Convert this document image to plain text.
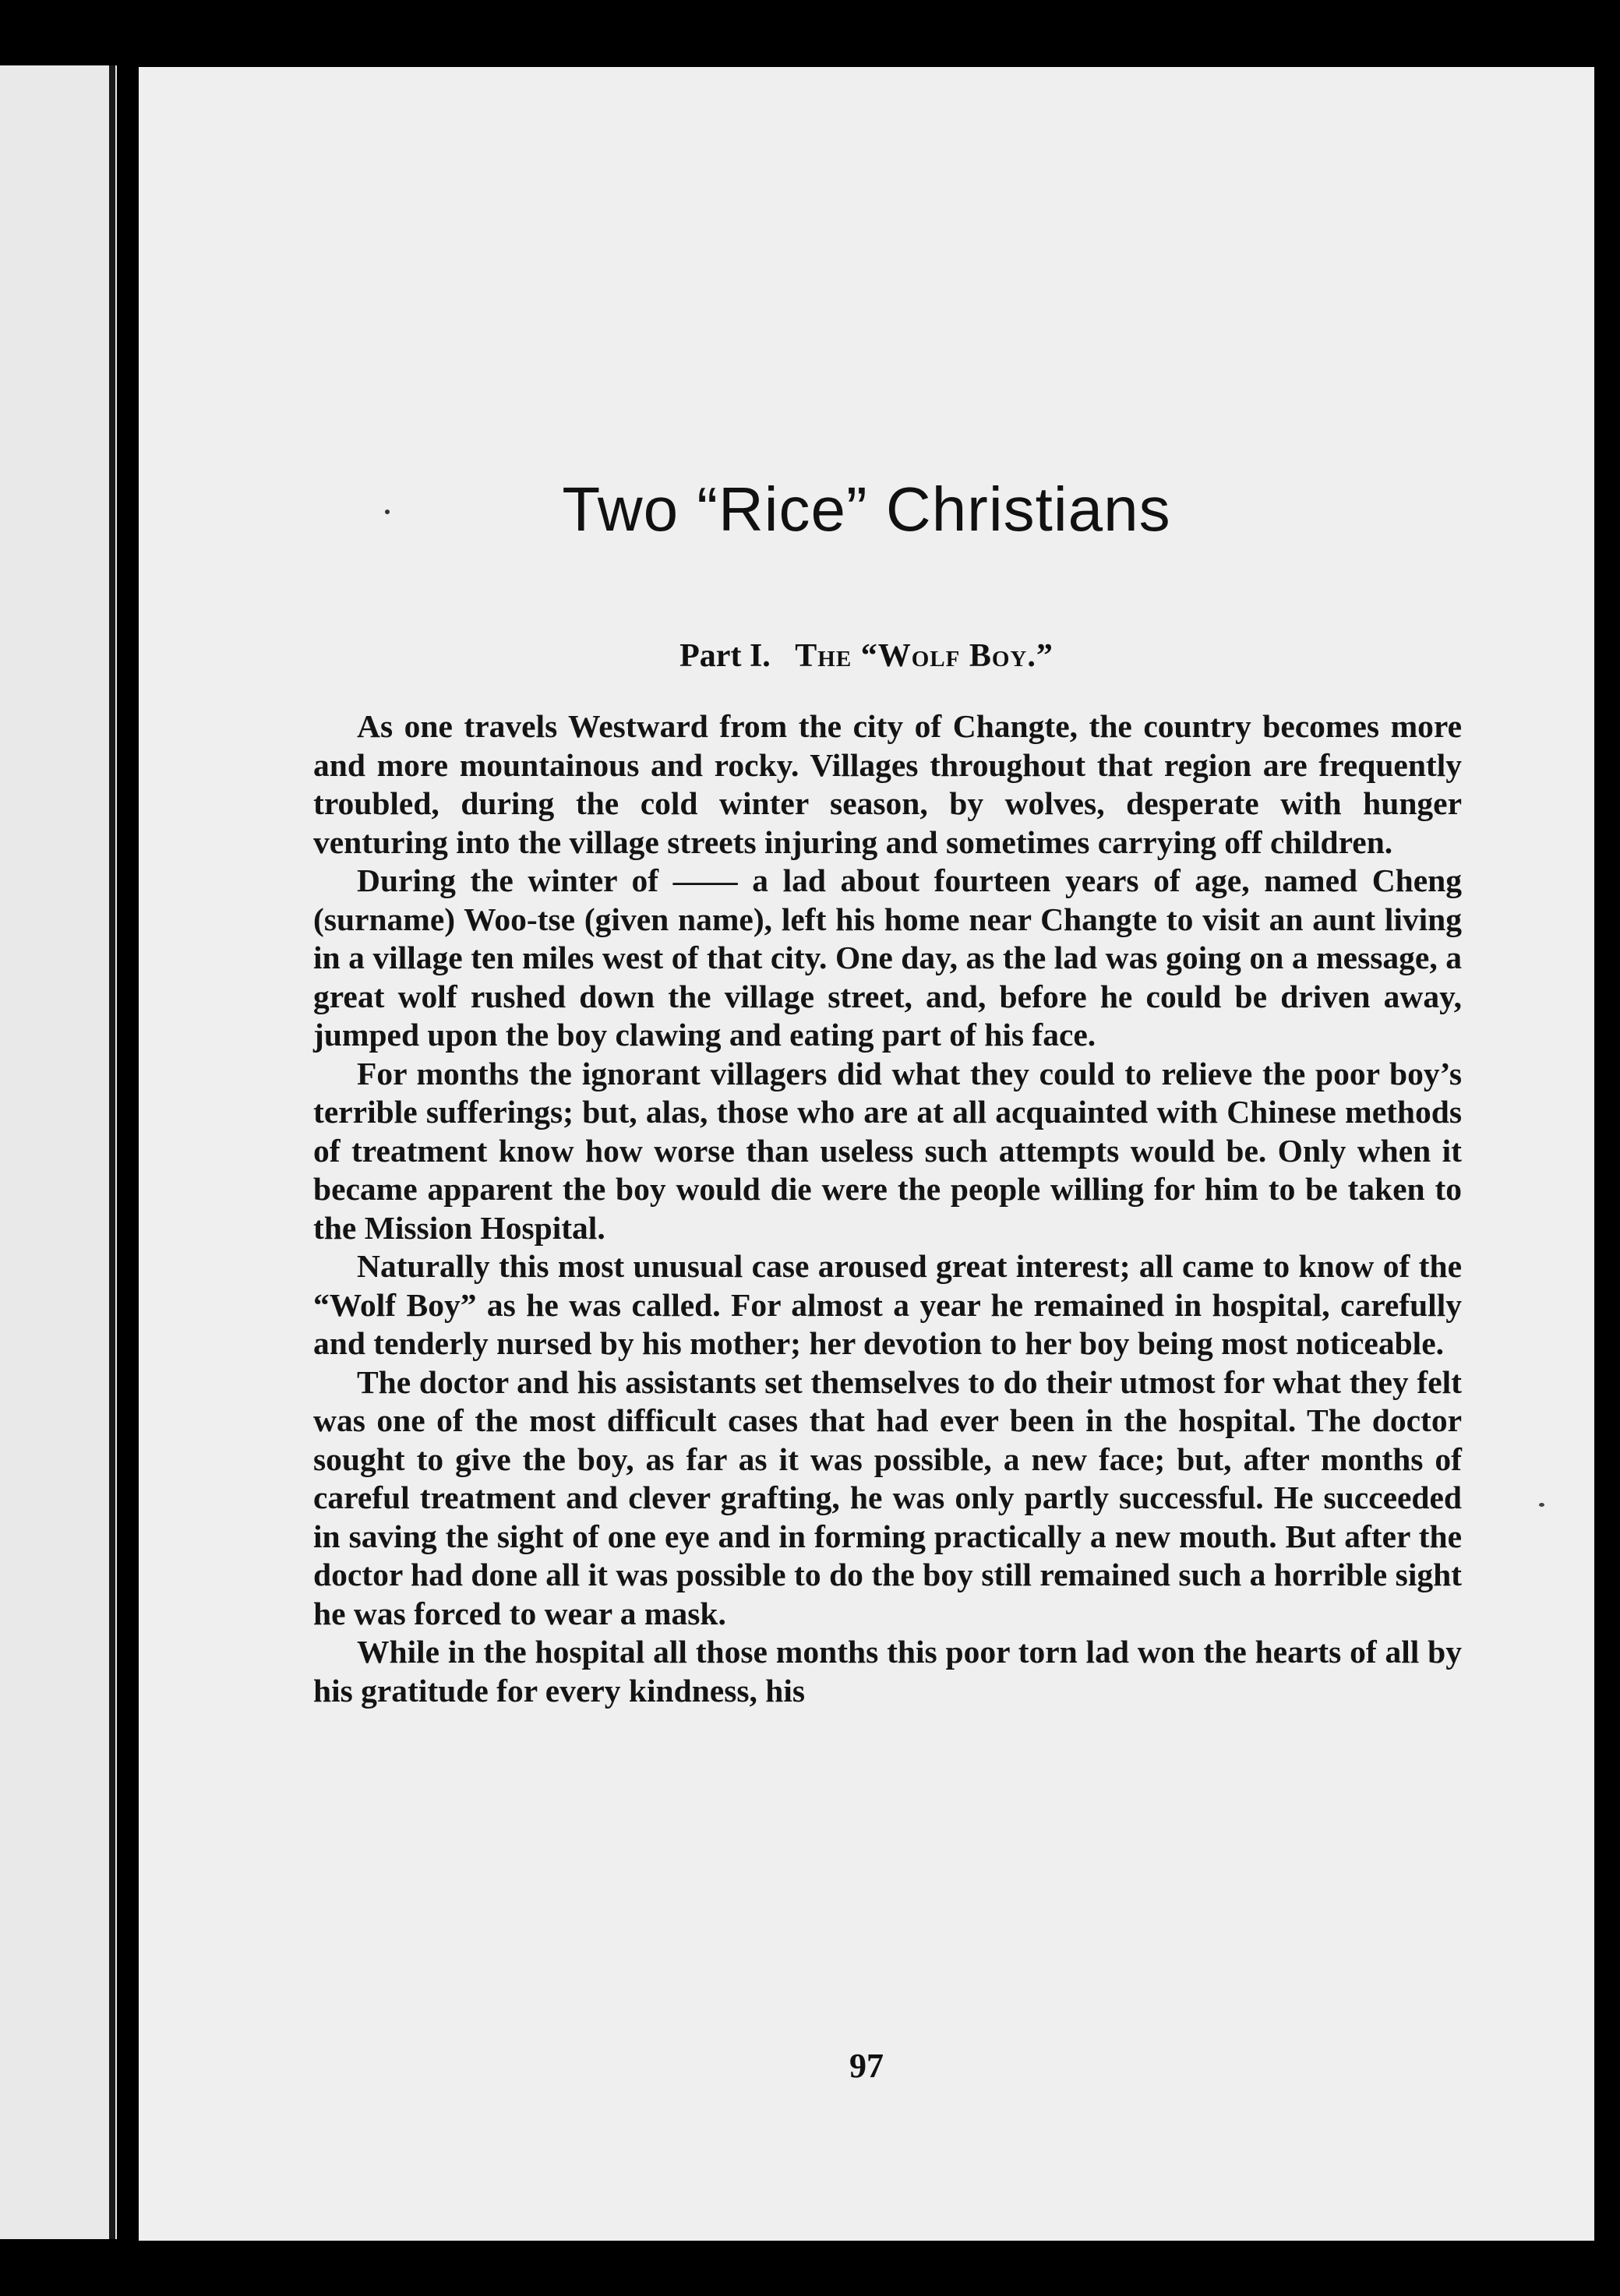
Two “Rice” Christians
Part I. The “Wolf Boy.”

As one travels Westward from the city of Changte, the country becomes more and more mountainous and rocky. Villages throughout that region are frequently troubled, during the cold winter season, by wolves, desperate with hunger venturing into the village streets injuring and sometimes carrying off children.

During the winter of —— a lad about fourteen years of age, named Cheng (surname) Woo-tse (given name), left his home near Changte to visit an aunt living in a village ten miles west of that city. One day, as the lad was going on a message, a great wolf rushed down the village street, and, before he could be driven away, jumped upon the boy clawing and eating part of his face.

For months the ignorant villagers did what they could to relieve the poor boy’s terrible sufferings; but, alas, those who are at all acquainted with Chinese methods of treatment know how worse than useless such attempts would be. Only when it became apparent the boy would die were the people willing for him to be taken to the Mission Hospital.

Naturally this most unusual case aroused great interest; all came to know of the “Wolf Boy” as he was called. For almost a year he remained in hospital, carefully and tenderly nursed by his mother; her devotion to her boy being most noticeable.

The doctor and his assistants set themselves to do their utmost for what they felt was one of the most difficult cases that had ever been in the hospital. The doctor sought to give the boy, as far as it was possible, a new face; but, after months of careful treatment and clever grafting, he was only partly successful. He succeeded in saving the sight of one eye and in forming practically a new mouth. But after the doctor had done all it was possible to do the boy still remained such a horrible sight he was forced to wear a mask.

While in the hospital all those months this poor torn lad won the hearts of all by his gratitude for every kindness, his

97
